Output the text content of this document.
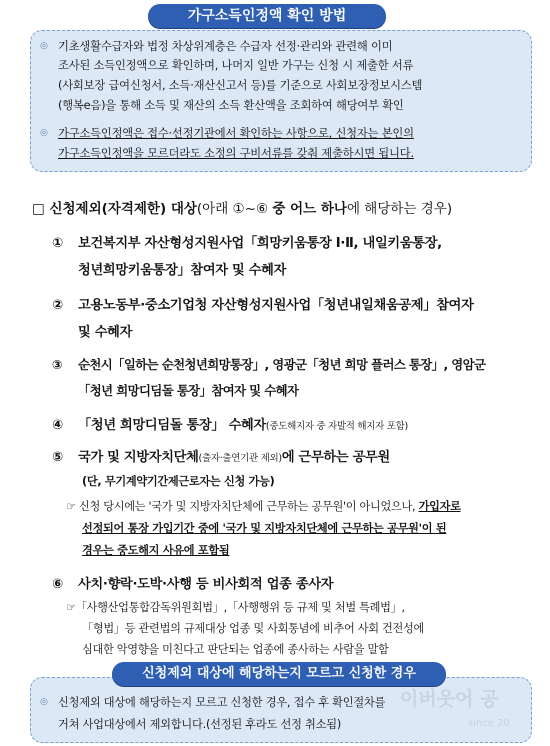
가구소득인정액 확인 방법
◎ 기초생활수급자와 법정 차상위계층은 수급자 선정·관리와 관련해 이미
조사된 소득인정액으로 확인하며, 나머지 일반 가구는 신청 시 제출한 서류
(사회보장 급여신청서, 소득·재산신고서 등)를 기준으로 사회보장정보시스템
(행복e음)을 통해 소득 및 재산의 소득 환산액을 조회하여 해당여부 확인
◎ 가구소득인정액은 접수·선정기관에서 확인하는 사항으로, 신청자는 본인의
가구소득인정액을 모르더라도 소정의 구비서류를 갖춰 제출하시면 됩니다.
□ 신청제외(자격제한) 대상(아래 ①~⑥ 중 어느 하나에 해당하는 경우)
① 보건복지부 자산형성지원사업「희망키움통장 Ⅰ·Ⅱ, 내일키움통장,
청년희망키움통장」참여자 및 수혜자
② 고용노동부·중소기업청 자산형성지원사업「청년내일채움공제」참여자
및 수혜자
③ 순천시「일하는 순천청년희망통장」, 영광군「청년 희망 플러스 통장」, 영암군
「청년 희망디딤돌 통장」참여자 및 수혜자
④ 「청년 희망디딤돌 통장」 수혜자(중도해지자 중 자발적 해지자 포함)
⑤ 국가 및 지방자치단체(출자·출연기관 제외)에 근무하는 공무원
(단, 무기계약기간제근로자는 신청 가능)
☞ 신청 당시에는 '국가 및 지방자치단체에 근무하는 공무원'이 아니었으나, 가입자로
선정되어 통장 가입기간 중에 '국가 및 지방자치단체에 근무하는 공무원'이 된
경우는 중도해지 사유에 포함됨
⑥ 사치·향락·도박·사행 등 비사회적 업종 종사자
☞「사행산업통합감독위원회법」,「사행행위 등 규제 및 처벌 특례법」,
「형법」등 관련법의 규제대상 업종 및 사회통념에 비추어 사회 건전성에
심대한 악영향을 미친다고 판단되는 업종에 종사하는 사람을 말함
신청제외 대상에 해당하는지 모르고 신청한 경우
◎ 신청제외 대상에 해당하는지 모르고 신청한 경우, 접수 후 확인절차를
거쳐 사업대상에서 제외합니다.(선정된 후라도 선정 취소됨)
이버웃어 공
since 20
